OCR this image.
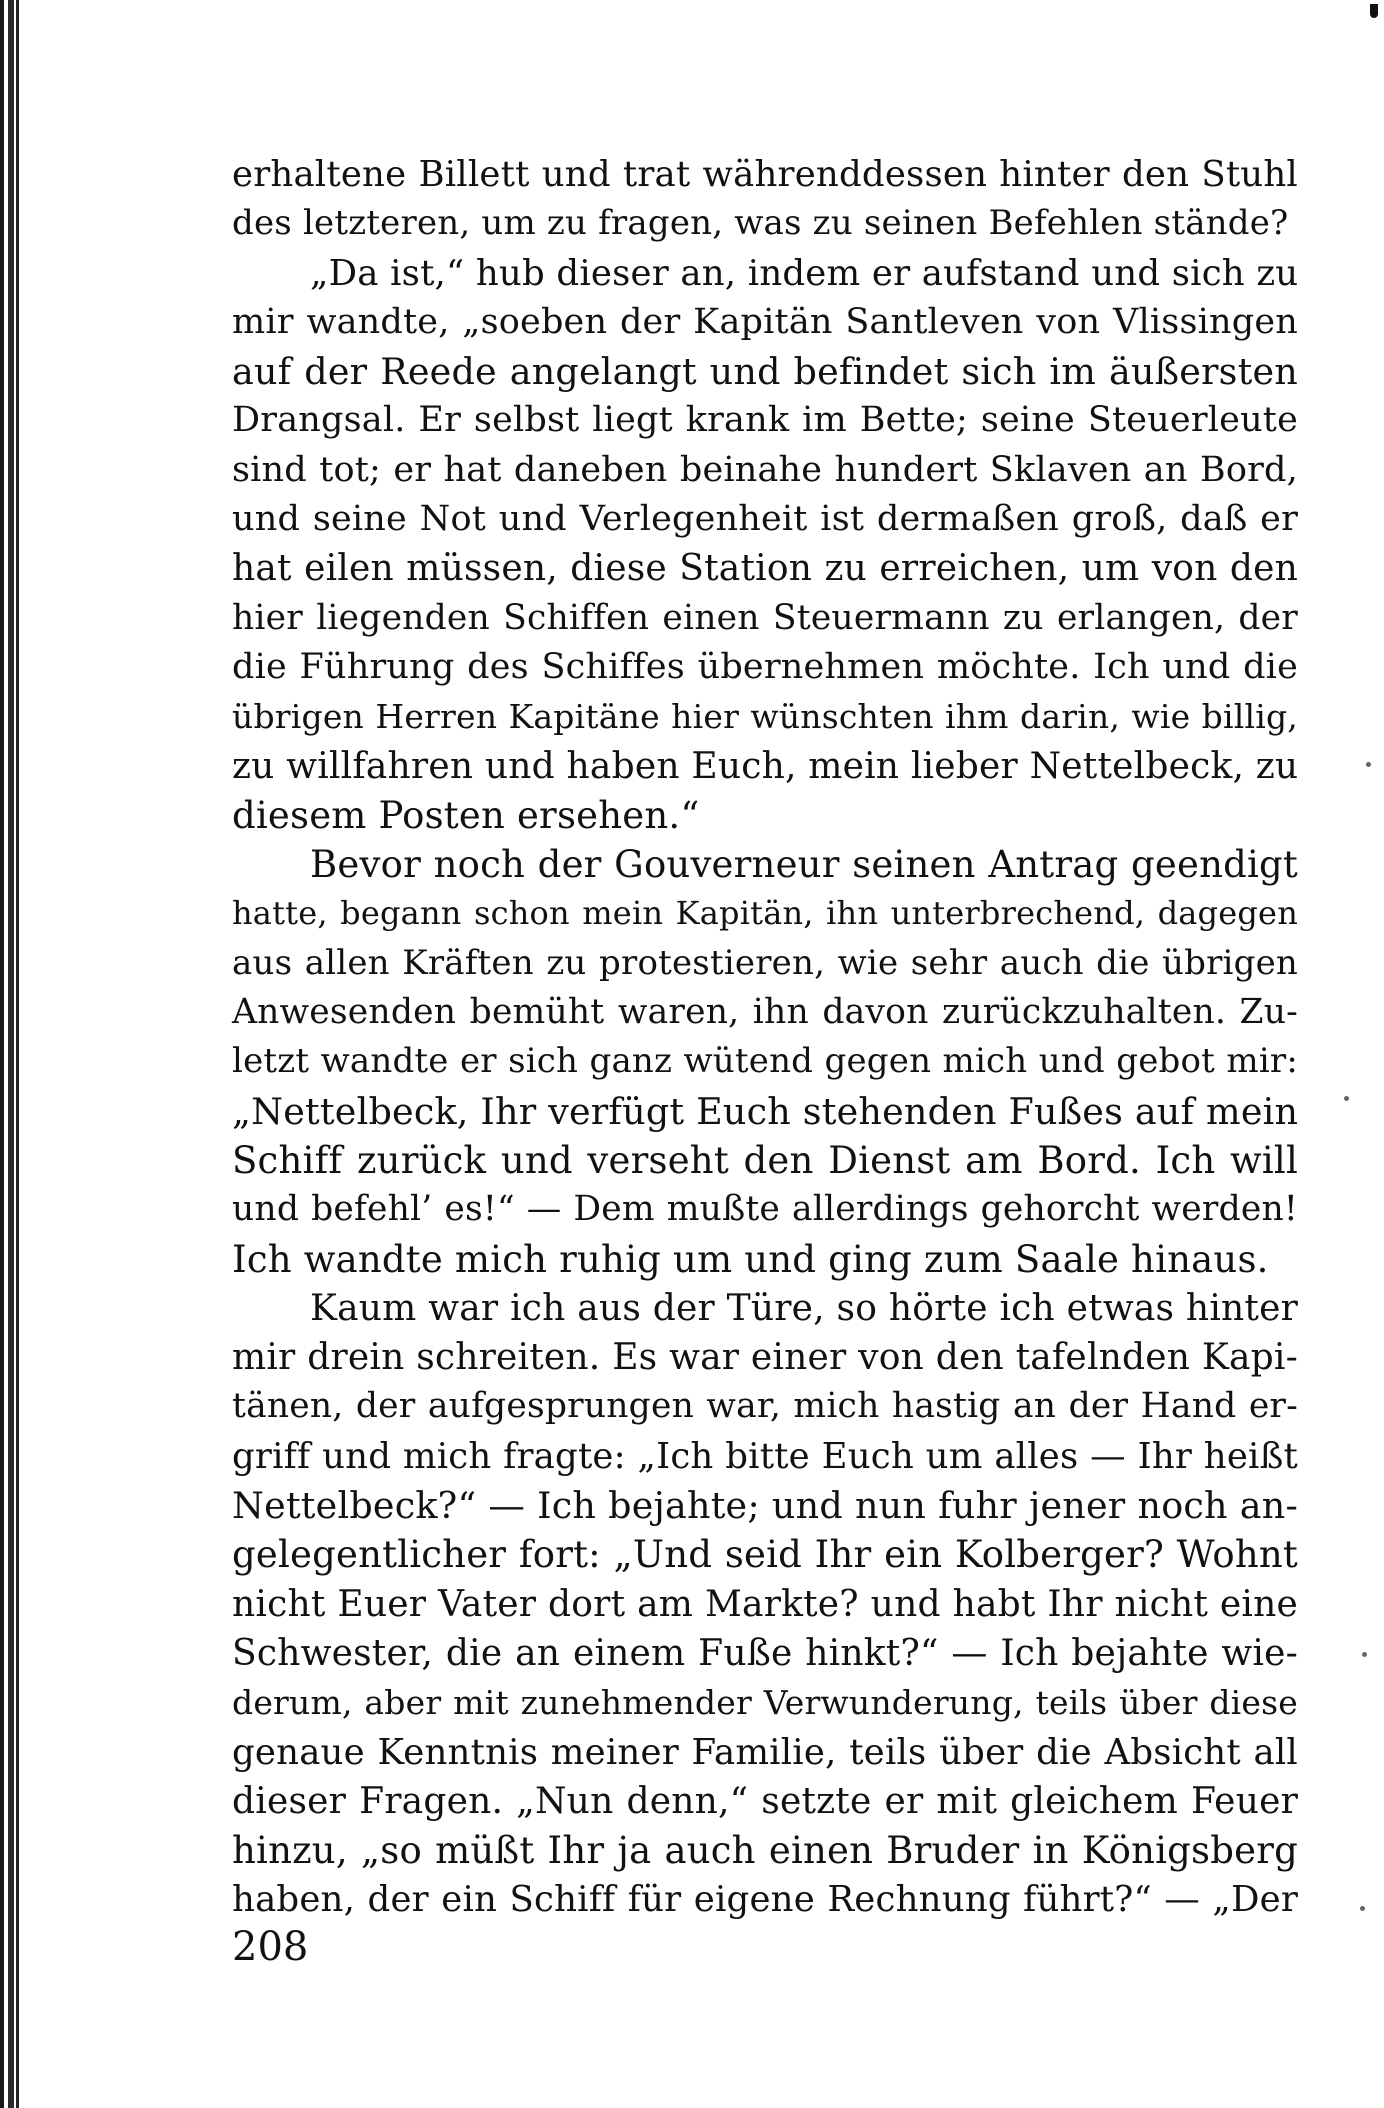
erhaltene Billett und trat währenddessen hinter den Stuhl
des letzteren, um zu fragen, was zu seinen Befehlen stände?
„Da ist,“ hub dieser an, indem er aufstand und sich zu
mir wandte, „soeben der Kapitän Santleven von Vlissingen
auf der Reede angelangt und befindet sich im äußersten
Drangsal. Er selbst liegt krank im Bette; seine Steuerleute
sind tot; er hat daneben beinahe hundert Sklaven an Bord,
und seine Not und Verlegenheit ist dermaßen groß, daß er
hat eilen müssen, diese Station zu erreichen, um von den
hier liegenden Schiffen einen Steuermann zu erlangen, der
die Führung des Schiffes übernehmen möchte. Ich und die
übrigen Herren Kapitäne hier wünschten ihm darin, wie billig,
zu willfahren und haben Euch, mein lieber Nettelbeck, zu
diesem Posten ersehen.“
Bevor noch der Gouverneur seinen Antrag geendigt
hatte, begann schon mein Kapitän, ihn unterbrechend, dagegen
aus allen Kräften zu protestieren, wie sehr auch die übrigen
Anwesenden bemüht waren, ihn davon zurückzuhalten. Zu-
letzt wandte er sich ganz wütend gegen mich und gebot mir:
„Nettelbeck, Ihr verfügt Euch stehenden Fußes auf mein
Schiff zurück und verseht den Dienst am Bord. Ich will
und befehl’ es!“ — Dem mußte allerdings gehorcht werden!
Ich wandte mich ruhig um und ging zum Saale hinaus.
Kaum war ich aus der Türe, so hörte ich etwas hinter
mir drein schreiten. Es war einer von den tafelnden Kapi-
tänen, der aufgesprungen war, mich hastig an der Hand er-
griff und mich fragte: „Ich bitte Euch um alles — Ihr heißt
Nettelbeck?“ — Ich bejahte; und nun fuhr jener noch an-
gelegentlicher fort: „Und seid Ihr ein Kolberger? Wohnt
nicht Euer Vater dort am Markte? und habt Ihr nicht eine
Schwester, die an einem Fuße hinkt?“ — Ich bejahte wie-
derum, aber mit zunehmender Verwunderung, teils über diese
genaue Kenntnis meiner Familie, teils über die Absicht all
dieser Fragen. „Nun denn,“ setzte er mit gleichem Feuer
hinzu, „so müßt Ihr ja auch einen Bruder in Königsberg
haben, der ein Schiff für eigene Rechnung führt?“ — „Der
208
